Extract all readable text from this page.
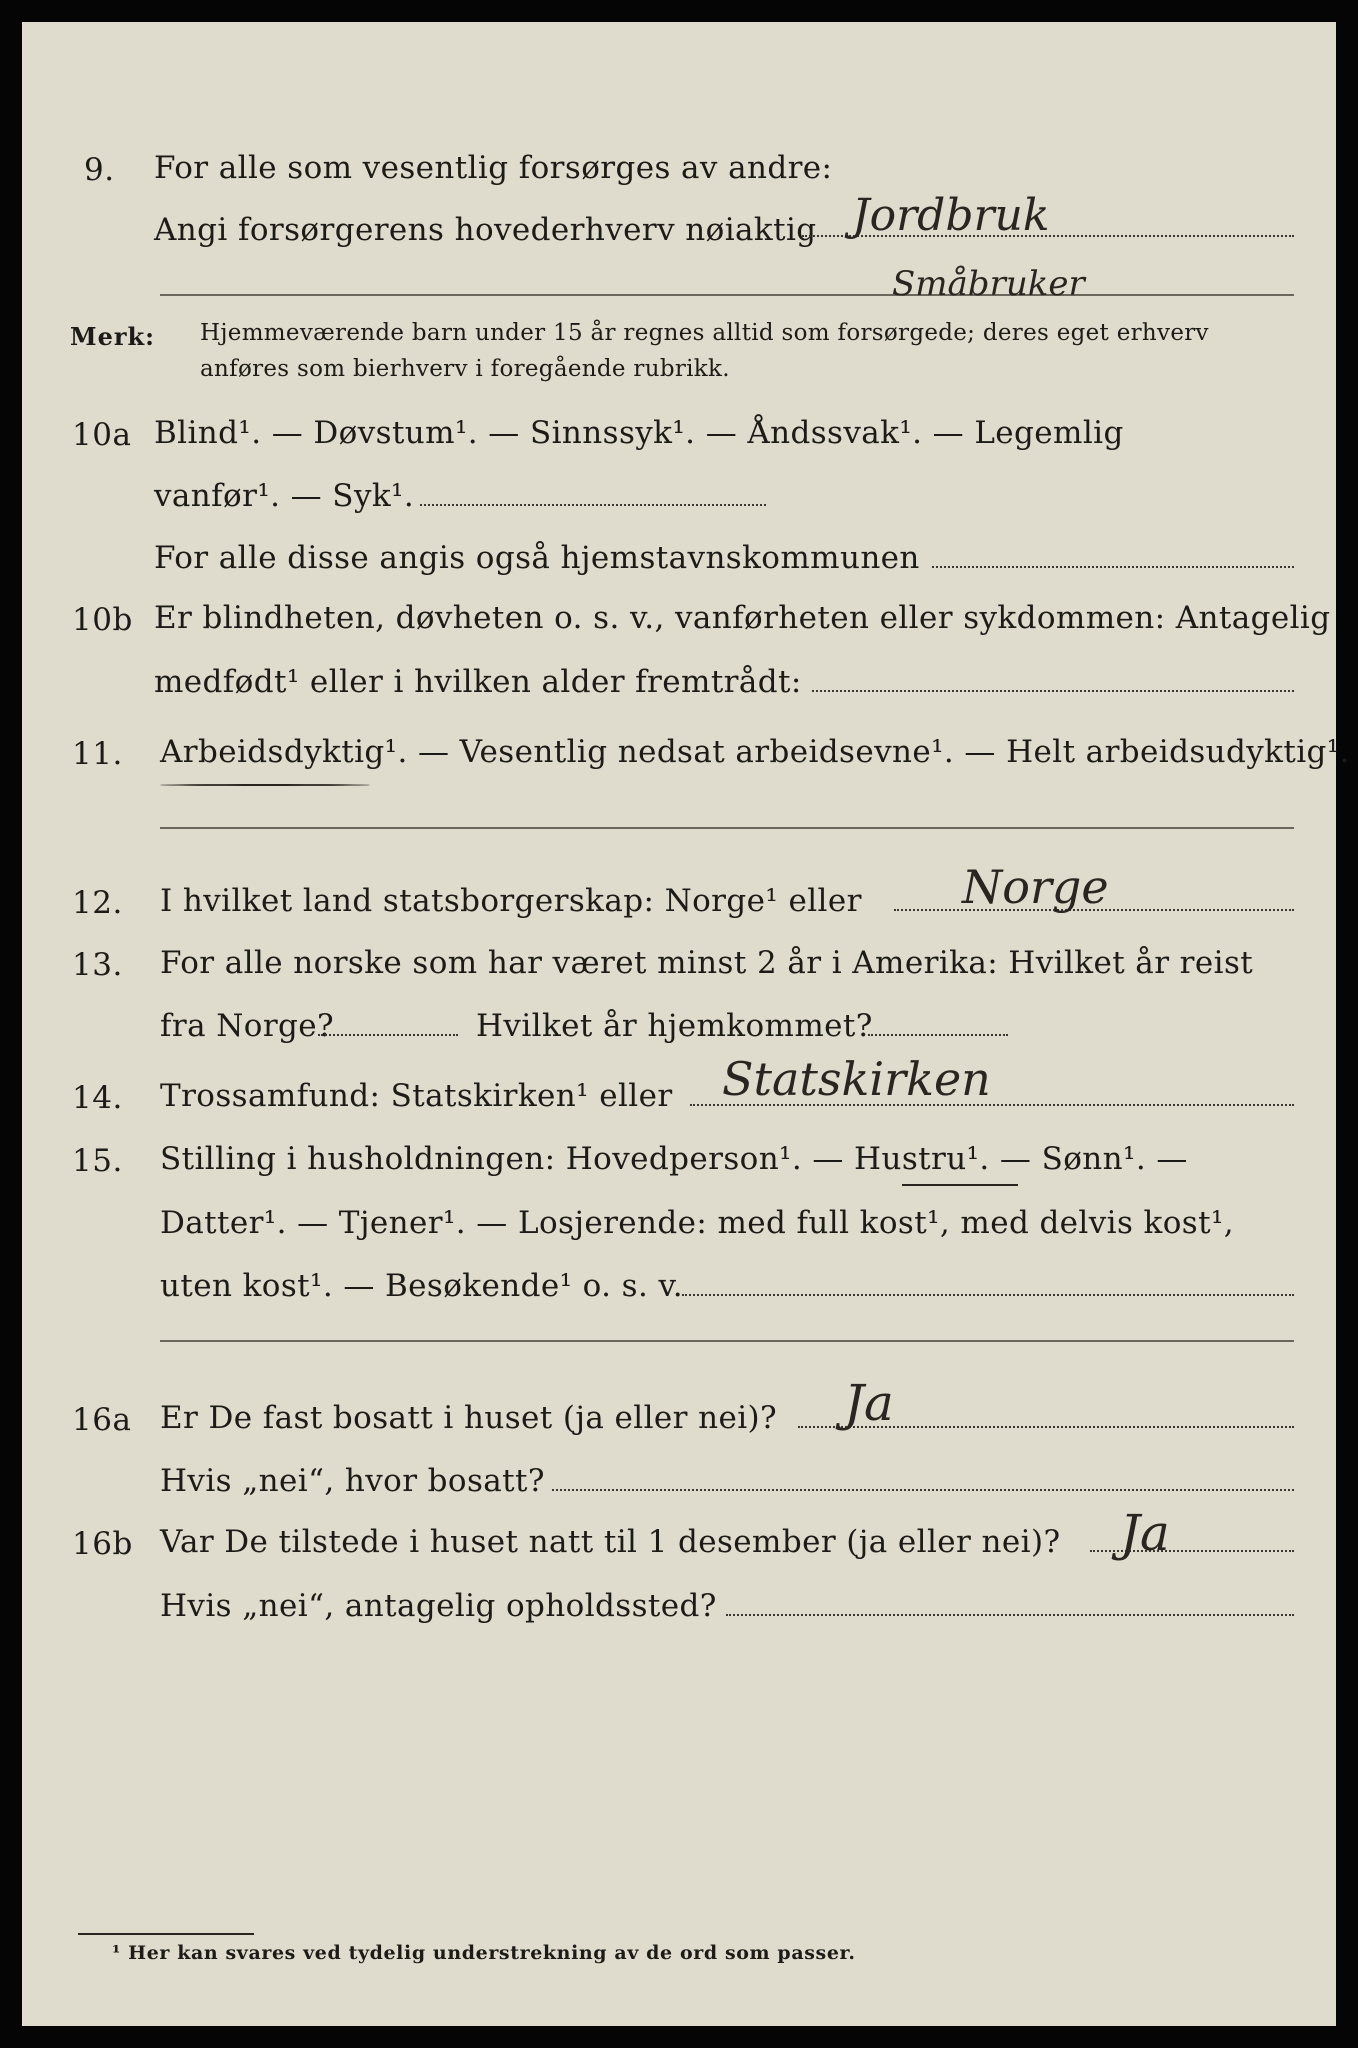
9. For alle som vesentlig forsørges av andre:
Angi forsørgerens hovederhverv nøiaktig Jordbruk
Småbruker
Merk: Hjemmeværende barn under 15 år regnes alltid som forsørgede; deres eget erhverv
anføres som bierhverv i foregående rubrikk.
10a Blind¹. — Døvstum¹. — Sinnssyk¹. — Åndssvak¹. — Legemlig
vanfør¹. — Syk¹.
For alle disse angis også hjemstavnskommunen
10b Er blindheten, døvheten o. s. v., vanførheten eller sykdommen: Antagelig
medfødt¹ eller i hvilken alder fremtrådt:
11. Arbeidsdyktig¹. — Vesentlig nedsat arbeidsevne¹. — Helt arbeidsudyktig¹.
12. I hvilket land statsborgerskap: Norge¹ eller Norge
13. For alle norske som har været minst 2 år i Amerika: Hvilket år reist
fra Norge?	Hvilket år hjemkommet?
14. Trossamfund: Statskirken¹ eller Statskirken
15. Stilling i husholdningen: Hovedperson¹. — Hustru¹. — Sønn¹. —
Datter¹. — Tjener¹. — Losjerende: med full kost¹, med delvis kost¹,
uten kost¹. — Besøkende¹ o. s. v.
16a Er De fast bosatt i huset (ja eller nei)? Ja
Hvis „nei“, hvor bosatt?
16b Var De tilstede i huset natt til 1 desember (ja eller nei)? Ja
Hvis „nei“, antagelig opholdssted?
¹ Her kan svares ved tydelig understrekning av de ord som passer.
